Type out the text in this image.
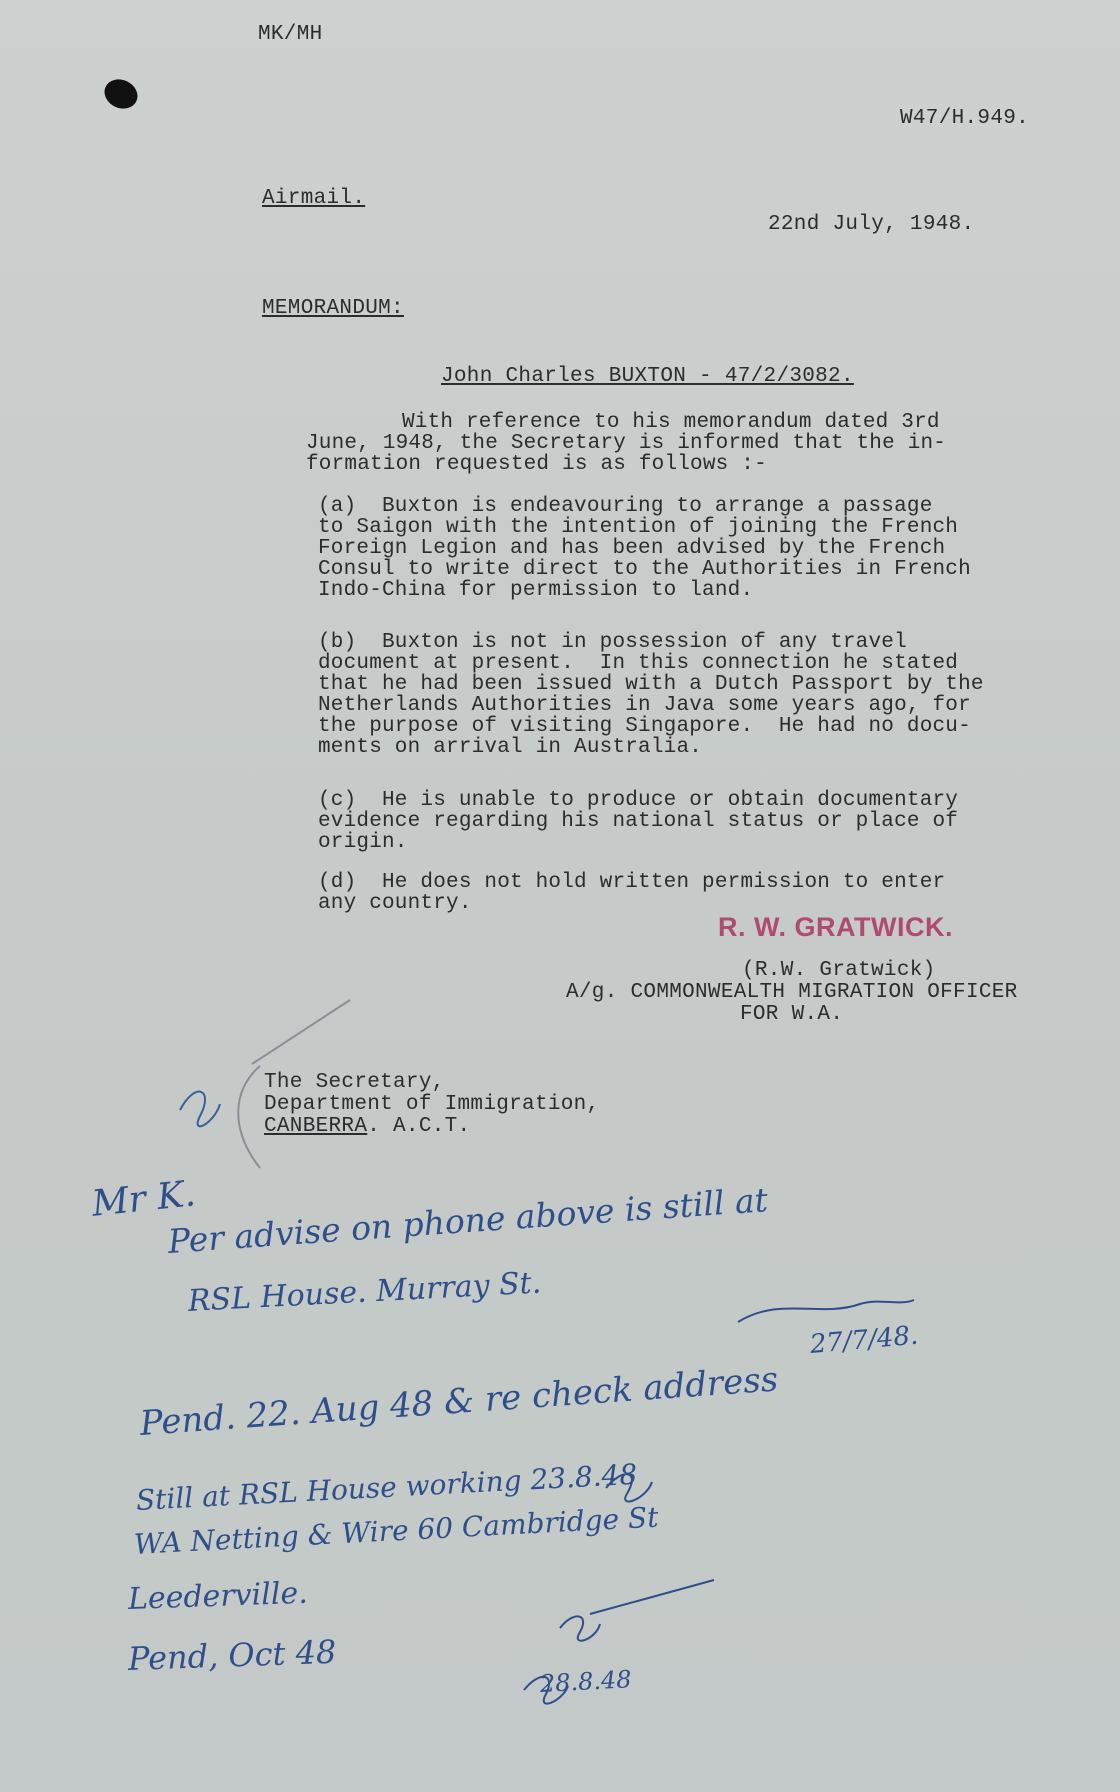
MK/MH
W47/H.949.
Airmail.
22nd July, 1948.
MEMORANDUM:
John Charles BUXTON - 47/2/3082.
With reference to his memorandum dated 3rd
June, 1948, the Secretary is informed that the in-
formation requested is as follows :-
(a)  Buxton is endeavouring to arrange a passage
to Saigon with the intention of joining the French
Foreign Legion and has been advised by the French
Consul to write direct to the Authorities in French
Indo-China for permission to land.
(b)  Buxton is not in possession of any travel
document at present.  In this connection he stated
that he had been issued with a Dutch Passport by the
Netherlands Authorities in Java some years ago, for
the purpose of visiting Singapore.  He had no docu-
ments on arrival in Australia.
(c)  He is unable to produce or obtain documentary
evidence regarding his national status or place of
origin.
(d)  He does not hold written permission to enter
any country.
R. W. GRATWICK.
(R.W. Gratwick)
A/g. COMMONWEALTH MIGRATION OFFICER
FOR W.A.
The Secretary,
Department of Immigration,
CANBERRA. A.C.T.
Mr K.
Per advise on phone above is still at
RSL House. Murray St.
27/7/48.
Pend. 22. Aug 48 & re check address
Still at RSL House working 23.8.48
WA Netting & Wire 60 Cambridge St
Leederville.
Pend, Oct 48
28.8.48
